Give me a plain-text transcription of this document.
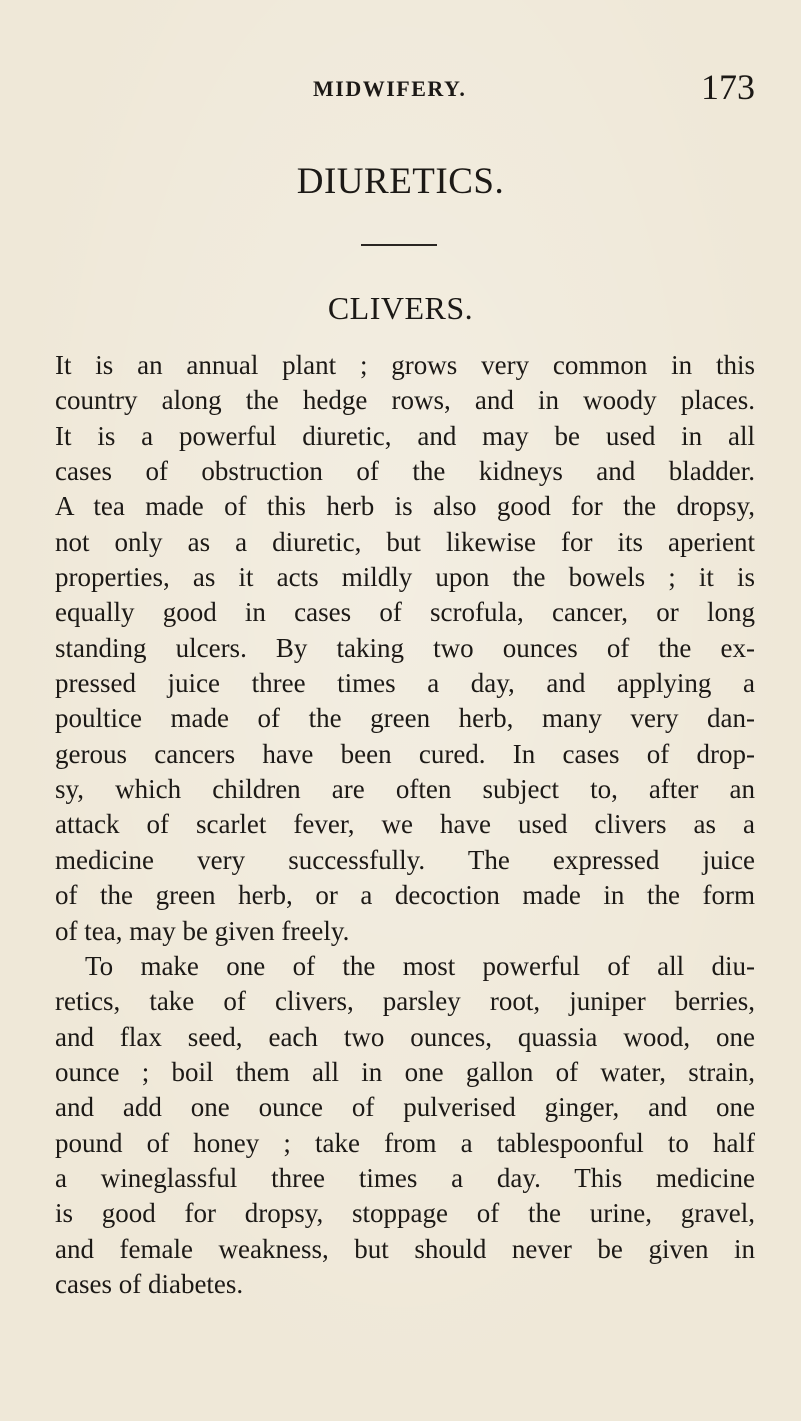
MIDWIFERY.	173
DIURETICS.
CLIVERS.
It is an annual plant ; grows very common in this
country along the hedge rows, and in woody places.
It is a powerful diuretic, and may be used in all
cases of obstruction of the kidneys and bladder.
A tea made of this herb is also good for the dropsy,
not only as a diuretic, but likewise for its aperient
properties, as it acts mildly upon the bowels ; it is
equally good in cases of scrofula, cancer, or long
standing ulcers. By taking two ounces of the ex-
pressed juice three times a day, and applying a
poultice made of the green herb, many very dan-
gerous cancers have been cured. In cases of drop-
sy, which children are often subject to, after an
attack of scarlet fever, we have used clivers as a
medicine very successfully. The expressed juice
of the green herb, or a decoction made in the form
of tea, may be given freely.
To make one of the most powerful of all diu-
retics, take of clivers, parsley root, juniper berries,
and flax seed, each two ounces, quassia wood, one
ounce ; boil them all in one gallon of water, strain,
and add one ounce of pulverised ginger, and one
pound of honey ; take from a tablespoonful to half
a wineglassful three times a day. This medicine
is good for dropsy, stoppage of the urine, gravel,
and female weakness, but should never be given in
cases of diabetes.
